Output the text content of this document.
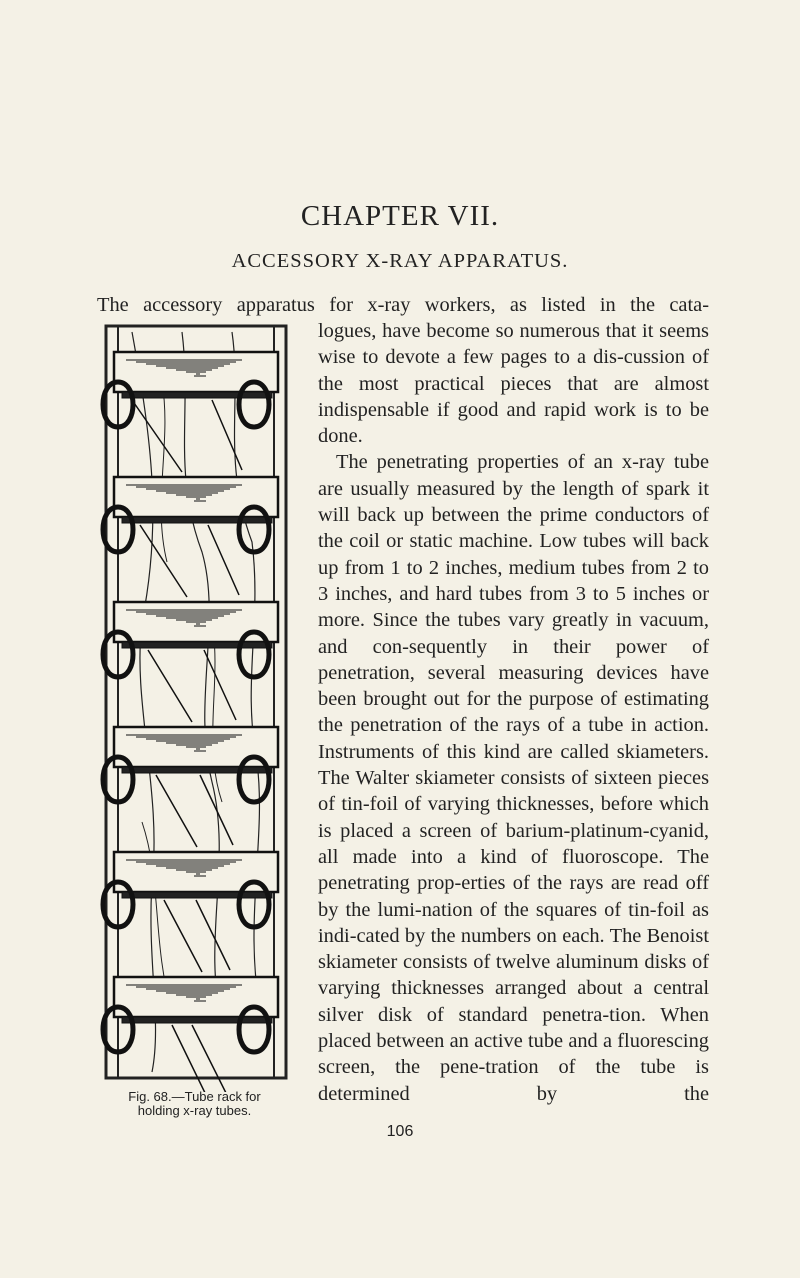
CHAPTER VII.
ACCESSORY X-RAY APPARATUS.
The accessory apparatus for x-ray workers, as listed in the cata-

logues, have become so numerous that it seems wise to devote a few pages to a dis-cussion of the most practical pieces that are almost indispensable if good and rapid work is to be done.

The penetrating properties of an x-ray tube are usually measured by the length of spark it will back up between the prime conductors of the coil or static machine. Low tubes will back up from 1 to 2 inches, medium tubes from 2 to 3 inches, and hard tubes from 3 to 5 inches or more. Since the tubes vary greatly in vacuum, and con-sequently in their power of penetration, several measuring devices have been brought out for the purpose of estimating the penetration of the rays of a tube in action. Instruments of this kind are called skiameters. The Walter skiameter consists of sixteen pieces of tin-foil of varying thicknesses, before which is placed a screen of barium-platinum-cyanid, all made into a kind of fluoroscope. The penetrating prop-erties of the rays are read off by the lumi-nation of the squares of tin-foil as indi-cated by the numbers on each. The Benoist skiameter consists of twelve aluminum disks of varying thicknesses arranged about a central silver disk of standard penetra-tion. When placed between an active tube and a fluorescing screen, the pene-tration of the tube is determined by the

Fig. 68.—Tube rack for
holding x-ray tubes.
106
